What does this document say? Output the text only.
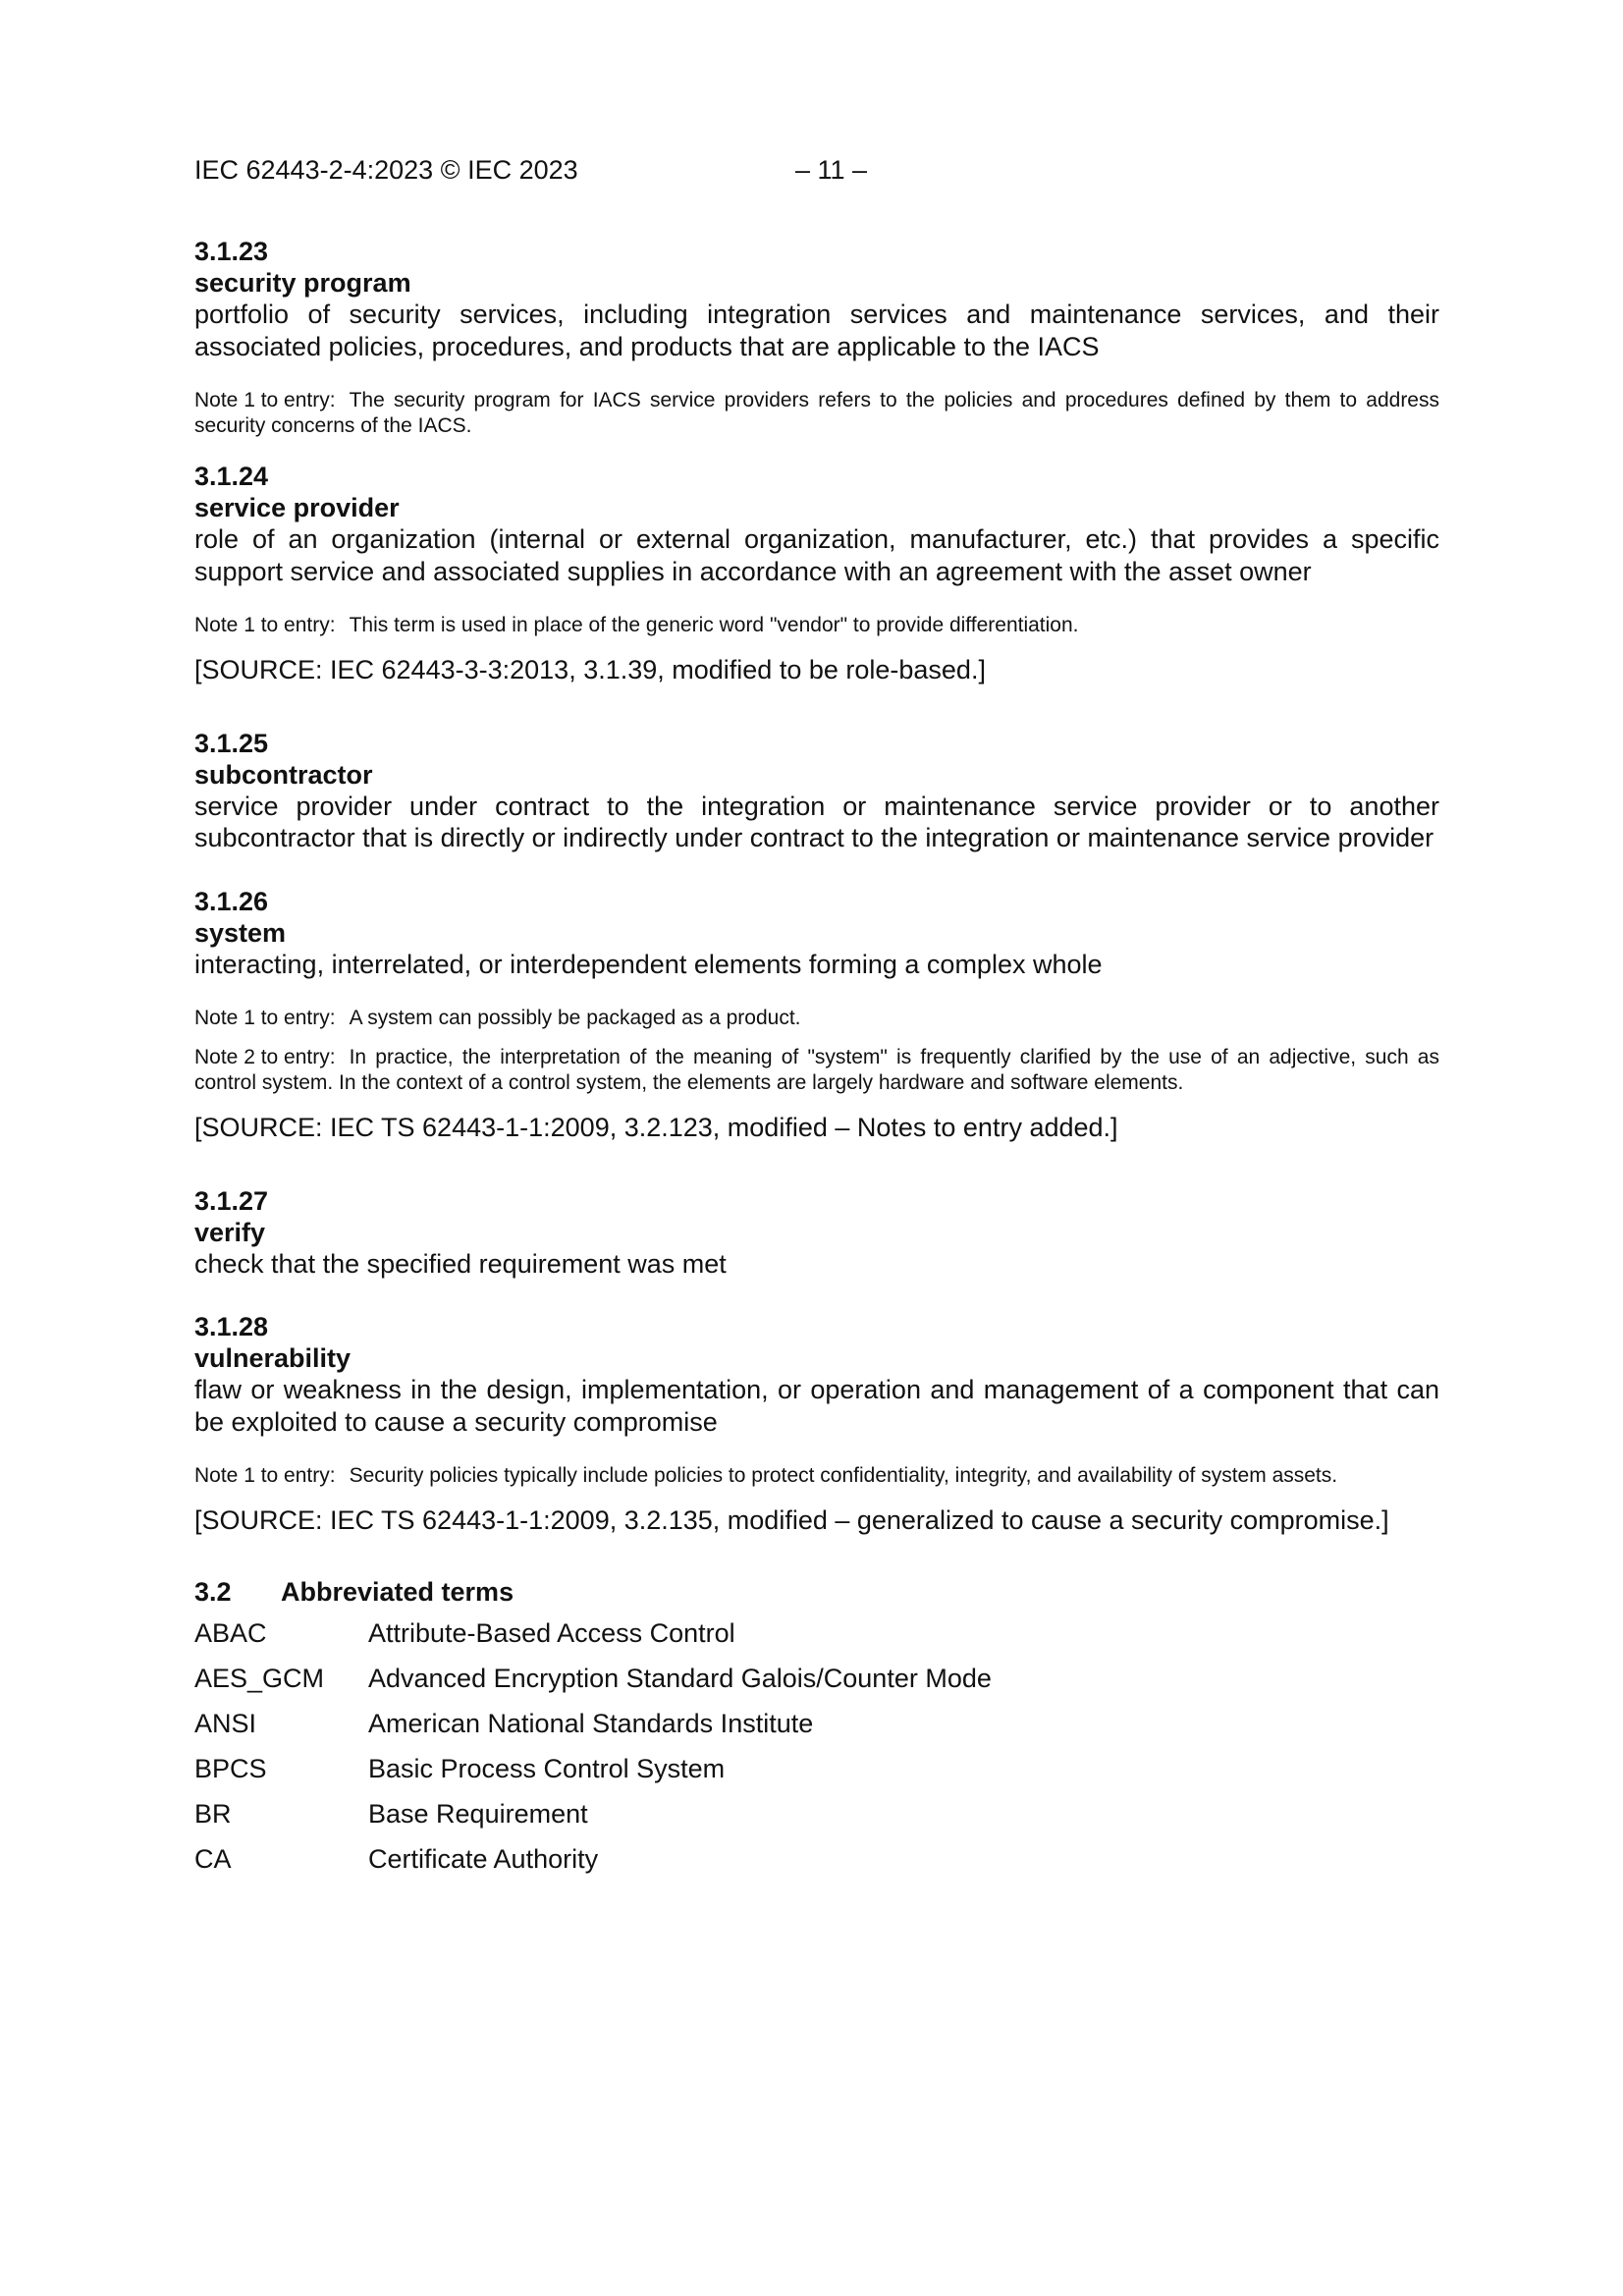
IEC 62443-2-4:2023 © IEC 2023	– 11 –
3.1.23
security program
portfolio of security services, including integration services and maintenance services, and their associated policies, procedures, and products that are applicable to the IACS
Note 1 to entry: The security program for IACS service providers refers to the policies and procedures defined by them to address security concerns of the IACS.
3.1.24
service provider
role of an organization (internal or external organization, manufacturer, etc.) that provides a specific support service and associated supplies in accordance with an agreement with the asset owner
Note 1 to entry: This term is used in place of the generic word "vendor" to provide differentiation.
[SOURCE: IEC 62443-3-3:2013, 3.1.39, modified to be role-based.]
3.1.25
subcontractor
service provider under contract to the integration or maintenance service provider or to another subcontractor that is directly or indirectly under contract to the integration or maintenance service provider
3.1.26
system
interacting, interrelated, or interdependent elements forming a complex whole
Note 1 to entry: A system can possibly be packaged as a product.
Note 2 to entry: In practice, the interpretation of the meaning of "system" is frequently clarified by the use of an adjective, such as control system. In the context of a control system, the elements are largely hardware and software elements.
[SOURCE: IEC TS 62443-1-1:2009, 3.2.123, modified – Notes to entry added.]
3.1.27
verify
check that the specified requirement was met
3.1.28
vulnerability
flaw or weakness in the design, implementation, or operation and management of a component that can be exploited to cause a security compromise
Note 1 to entry: Security policies typically include policies to protect confidentiality, integrity, and availability of system assets.
[SOURCE: IEC TS 62443-1-1:2009, 3.2.135, modified – generalized to cause a security compromise.]
3.2 Abbreviated terms
ABAC	Attribute-Based Access Control
AES_GCM	Advanced Encryption Standard Galois/Counter Mode
ANSI	American National Standards Institute
BPCS	Basic Process Control System
BR	Base Requirement
CA	Certificate Authority
